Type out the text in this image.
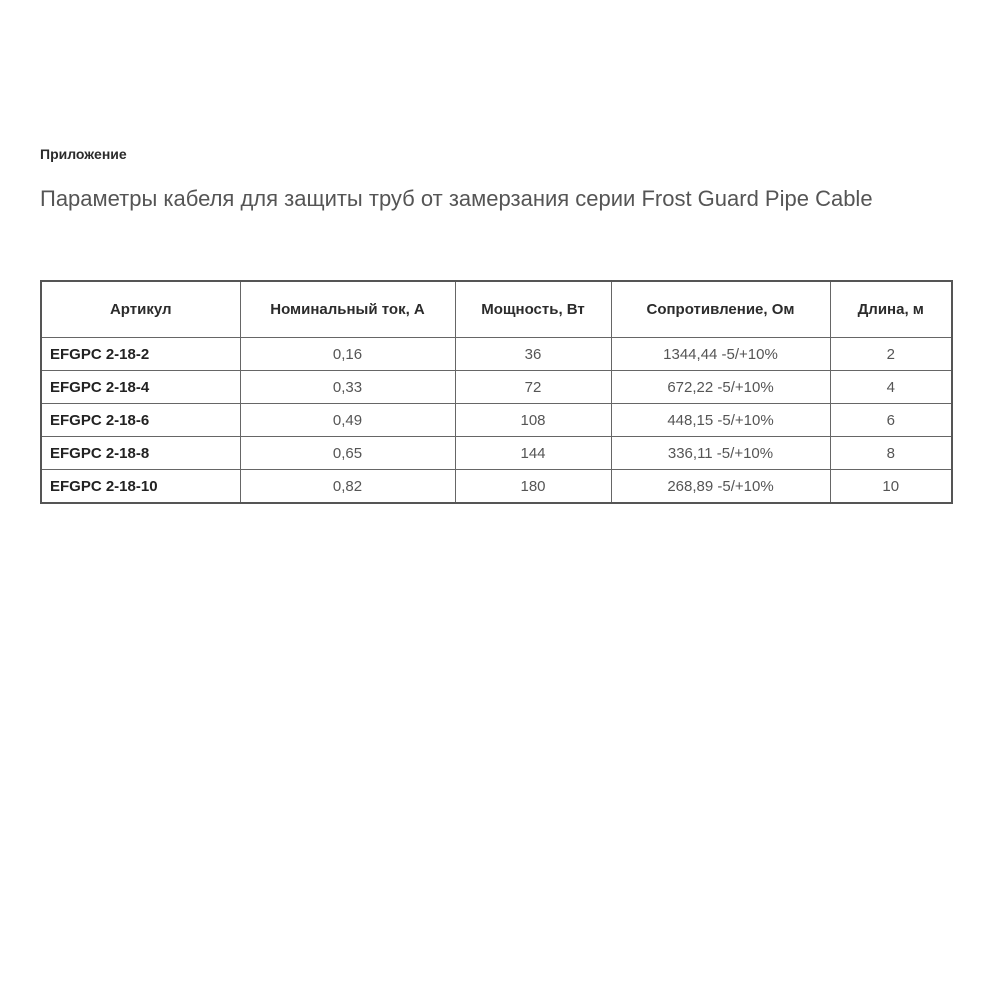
Приложение

Параметры кабеля для защиты труб от замерзания серии Frost Guard Pipe Cable
Артикул	Номинальный ток, А	Мощность, Вт	Сопротивление, Ом	Длина, м
EFGPC 2-18-2	0,16	36	1344,44 -5/+10%	2
EFGPC 2-18-4	0,33	72	672,22 -5/+10%	4
EFGPC 2-18-6	0,49	108	448,15 -5/+10%	6
EFGPC 2-18-8	0,65	144	336,11 -5/+10%	8
EFGPC 2-18-10	0,82	180	268,89 -5/+10%	10
